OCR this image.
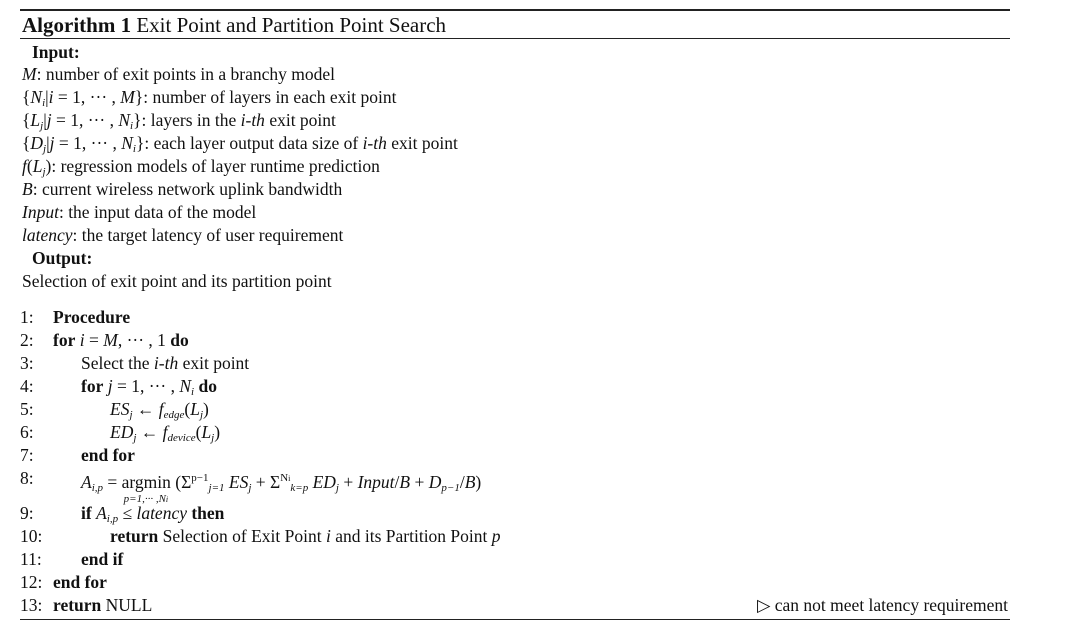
Algorithm 1 Exit Point and Partition Point Search
Input:
M: number of exit points in a branchy model
{$N_i|i = 1$, ··· , M}: number of layers in each exit point
{$L_j|j = 1$, ··· , $N_i$}: layers in the i-th exit point
{$D_j|j = 1$, ··· , $N_i$}: each layer output data size of i-th exit point
$f(L_j)$: regression models of layer runtime prediction
B: current wireless network uplink bandwidth
Input: the input data of the model
latency: the target latency of user requirement
Output:
Selection of exit point and its partition point
1:	Procedure
2:	for i = M, ··· , 1 do
3:	Select the i-th exit point
4:	for j = 1, ··· , $N_i$ do
5:	$ES_j$ ← $f_{edge}(L_j)$
6:	$ED_j$ ← $f_{device}(L_j)$
7:	end for
8:	$A_{i,p} = argmin$
p=1,··· ,Ni
($\Sigma^{p-1}_{j=1}$ $ES_j + \Sigma^{Ni}_{k=p}$ $ED_j$ + Input/B + $D_{p-1}/B$)
9:	if $A_{i,p}$ ≤ latency then
10:	return Selection of Exit Point i and its Partition Point p
11:	end if
12: end for
13: return NULL	▷ can not meet latency requirement
